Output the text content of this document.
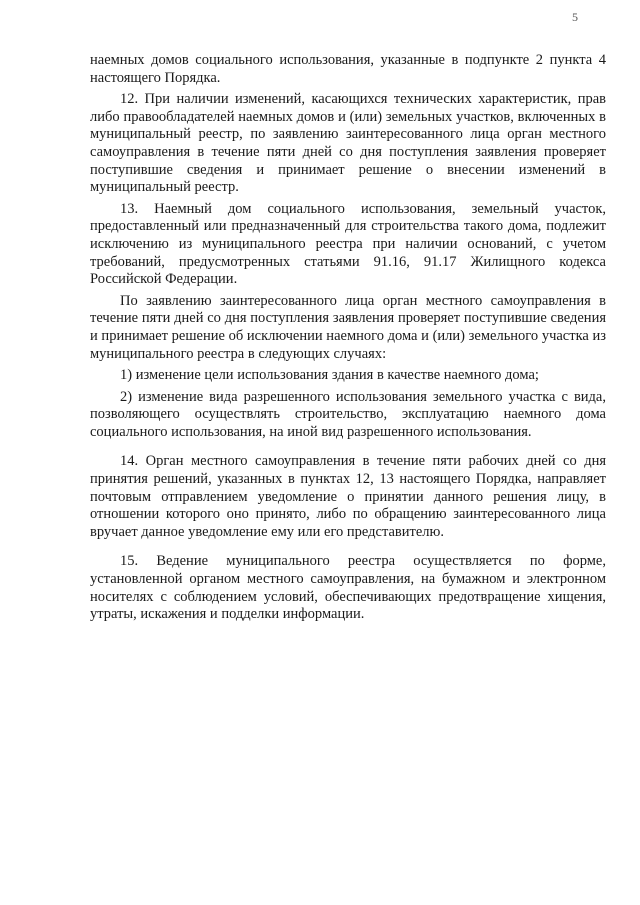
5

наемных домов социального использования, указанные в подпункте 2 пункта 4 настоящего Порядка.

12. При наличии изменений, касающихся технических характеристик, прав либо правообладателей наемных домов и (или) земельных участков, включенных в муниципальный реестр, по заявлению заинтересованного лица орган местного самоуправления в течение пяти дней со дня поступления заявления проверяет поступившие сведения и принимает решение о внесении изменений в муниципальный реестр.

13. Наемный дом социального использования, земельный участок, предоставленный или предназначенный для строительства такого дома, подлежит исключению из муниципального реестра при наличии оснований, с учетом требований, предусмотренных статьями 91.16, 91.17 Жилищного кодекса Российской Федерации.

По заявлению заинтересованного лица орган местного самоуправления в течение пяти дней со дня поступления заявления проверяет поступившие сведения и принимает решение об исключении наемного дома и (или) земельного участка из муниципального реестра в следующих случаях:

1) изменение цели использования здания в качестве наемного дома;

2) изменение вида разрешенного использования земельного участка с вида, позволяющего осуществлять строительство, эксплуатацию наемного дома социального использования, на иной вид разрешенного использования.

14. Орган местного самоуправления в течение пяти рабочих дней со дня принятия решений, указанных в пунктах 12, 13 настоящего Порядка, направляет почтовым отправлением уведомление о принятии данного решения лицу, в отношении которого оно принято, либо по обращению заинтересованного лица вручает данное уведомление ему или его представителю.

15. Ведение муниципального реестра осуществляется по форме, установленной органом местного самоуправления, на бумажном и электронном носителях с соблюдением условий, обеспечивающих предотвращение хищения, утраты, искажения и подделки информации.
